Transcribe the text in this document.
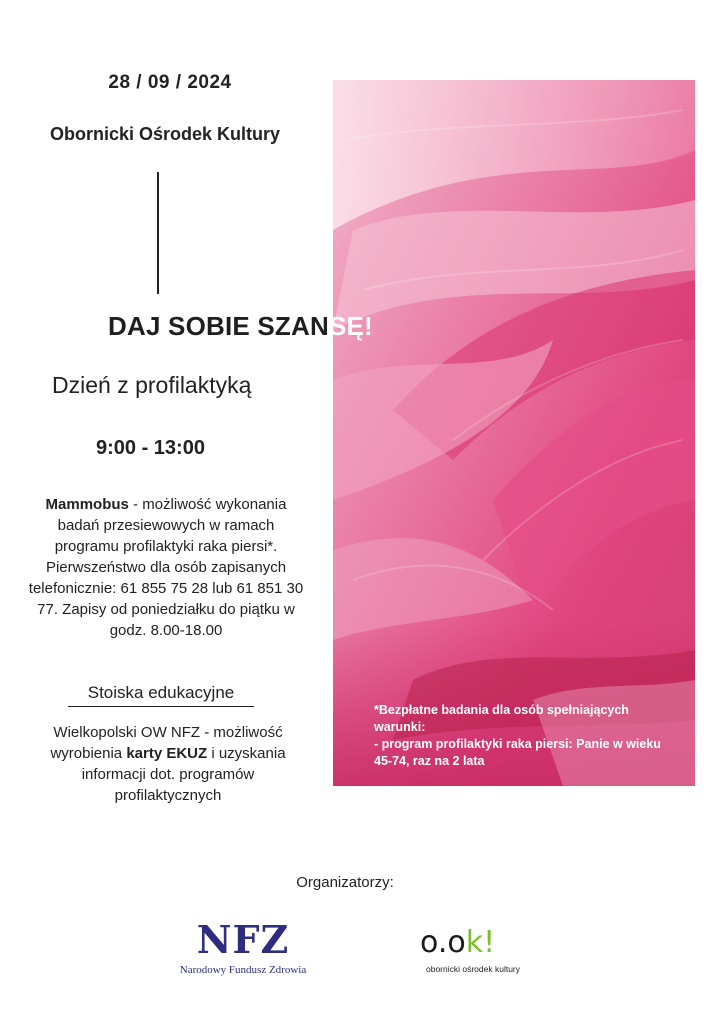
28 / 09 / 2024
Obornicki Ośrodek Kultury
DAJ SOBIE SZANSĘ!
Dzień z profilaktyką
9:00 - 13:00
Mammobus - możliwość wykonania badań przesiewowych w ramach programu profilaktyki raka piersi*. Pierwszeństwo dla osób zapisanych telefonicznie: 61 855 75 28 lub 61 851 30 77. Zapisy od poniedziałku do piątku w godz. 8.00-18.00
Stoiska edukacyjne
Wielkopolski OW NFZ - możliwość wyrobienia karty EKUZ i uzyskania informacji dot. programów profilaktycznych
*Bezpłatne badania dla osób spełniających warunki:
- program profilaktyki raka piersi: Panie w wieku 45-74, raz na 2 lata
Organizatorzy:
NFZ
Narodowy Fundusz Zdrowia
o.ok!
obornicki ośrodek kultury
